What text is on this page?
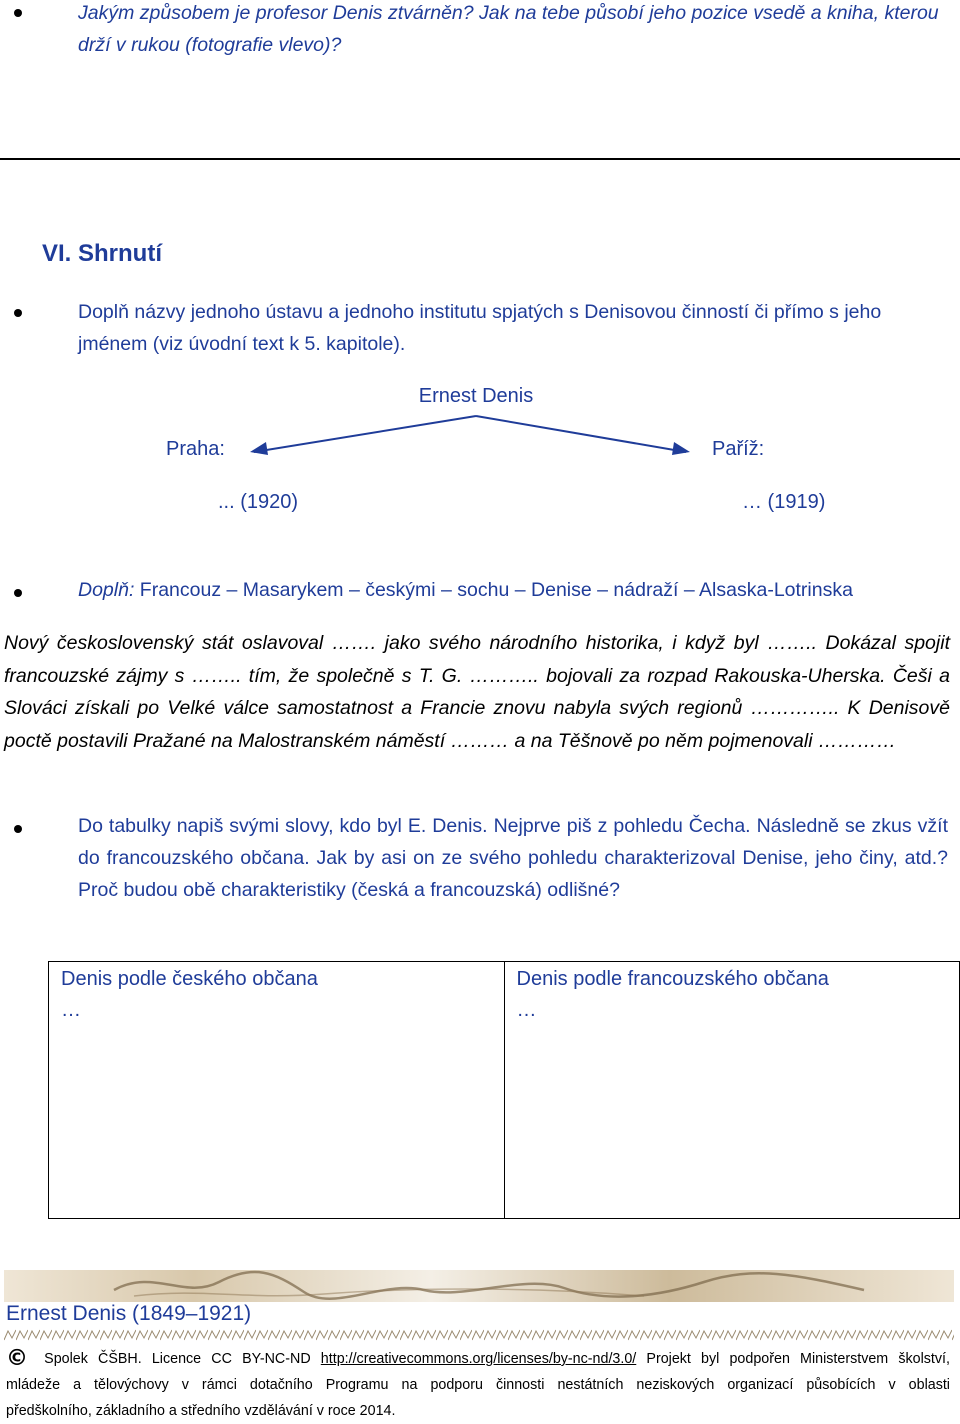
Jakým způsobem je profesor Denis ztvárněn? Jak na tebe působí jeho pozice vsedě a kniha, kterou drží v rukou (fotografie vlevo)?
VI. Shrnutí
Doplň názvy jednoho ústavu a jednoho institutu spjatých s Denisovou činností či přímo s jeho jménem (viz úvodní text k 5. kapitole).
Ernest Denis
Praha:	Paříž:
... (1920)	… (1919)
Doplň: Francouz – Masarykem – českými – sochu – Denise – nádraží – Alsaska-Lotrinska
Nový československý stát oslavoval ……. jako svého národního historika, i když byl …….. Dokázal spojit francouzské zájmy s …….. tím, že společně s T. G. ……….. bojovali za rozpad Rakouska-Uherska. Češi a Slováci získali po Velké válce samostatnost a Francie znovu nabyla svých regionů ………….. K Denisově poctě postavili Pražané na Malostranském náměstí ……… a na Těšnově po něm pojmenovali …………
Do tabulky napiš svými slovy, kdo byl E. Denis. Nejprve piš z pohledu Čecha. Následně se zkus vžít do francouzského občana. Jak by asi on ze svého pohledu charakterizoval Denise, jeho činy, atd.? Proč budou obě charakteristiky (česká a francouzská) odlišné?
Denis podle českého občana
…

Denis podle francouzského občana
…
Ernest Denis (1849–1921)
© Spolek ČŠBH. Licence CC BY-NC-ND http://creativecommons.org/licenses/by-nc-nd/3.0/ Projekt byl podpořen Ministerstvem školství,
mládeže a tělovýchovy v rámci dotačního Programu na podporu činnosti nestátních neziskových organizací působících v oblasti
předškolního, základního a středního vzdělávání v roce 2014.
